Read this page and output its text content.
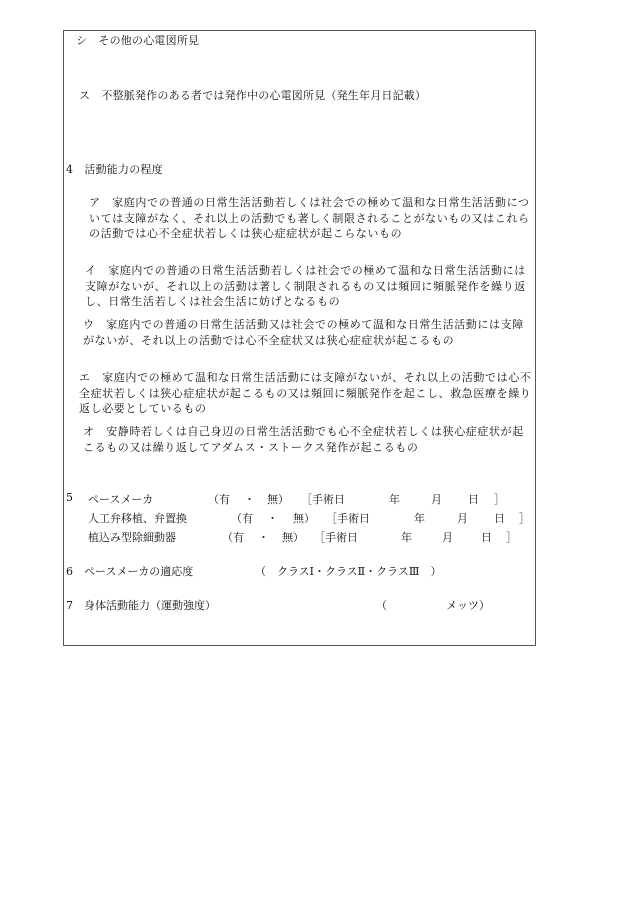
シ　その他の心電図所見
ス　不整脈発作のある者では発作中の心電図所見（発生年月日記載）
4　活動能力の程度
ア　家庭内での普通の日常生活活動若しくは社会での極めて温和な日常生活活動については支障がなく、それ以上の活動でも著しく制限されることがないもの又はこれらの活動では心不全症状若しくは狭心症症状が起こらないもの
イ　家庭内での普通の日常生活活動若しくは社会での極めて温和な日常生活活動には支障がないが、それ以上の活動は著しく制限されるもの又は頻回に頻脈発作を繰り返し、日常生活若しくは社会生活に妨げとなるもの
ウ　家庭内での普通の日常生活活動又は社会での極めて温和な日常生活活動には支障がないが、それ以上の活動では心不全症状又は狭心症症状が起こるもの
エ　家庭内での極めて温和な日常生活活動には支障がないが、それ以上の活動では心不全症状若しくは狭心症症状が起こるもの又は頻回に頻脈発作を起こし、救急医療を繰り返し必要としているもの
オ　安静時若しくは自己身辺の日常生活活動でも心不全症状若しくは狭心症症状が起こるもの又は繰り返してアダムス・ストークス発作が起こるもの
5 ペースメーカ	（有 ・ 無） ［手術日	年	月 日 ］
人工弁移植、弁置換	（有 ・ 無） ［手術日	年	月 日 ］
植込み型除細動器	（有 ・ 無） ［手術日	年	月	日 ］
6　ペースメーカの適応度	（　クラスⅠ・クラスⅡ・クラスⅢ　）
7　身体活動能力（運動強度）	（	メッツ）
